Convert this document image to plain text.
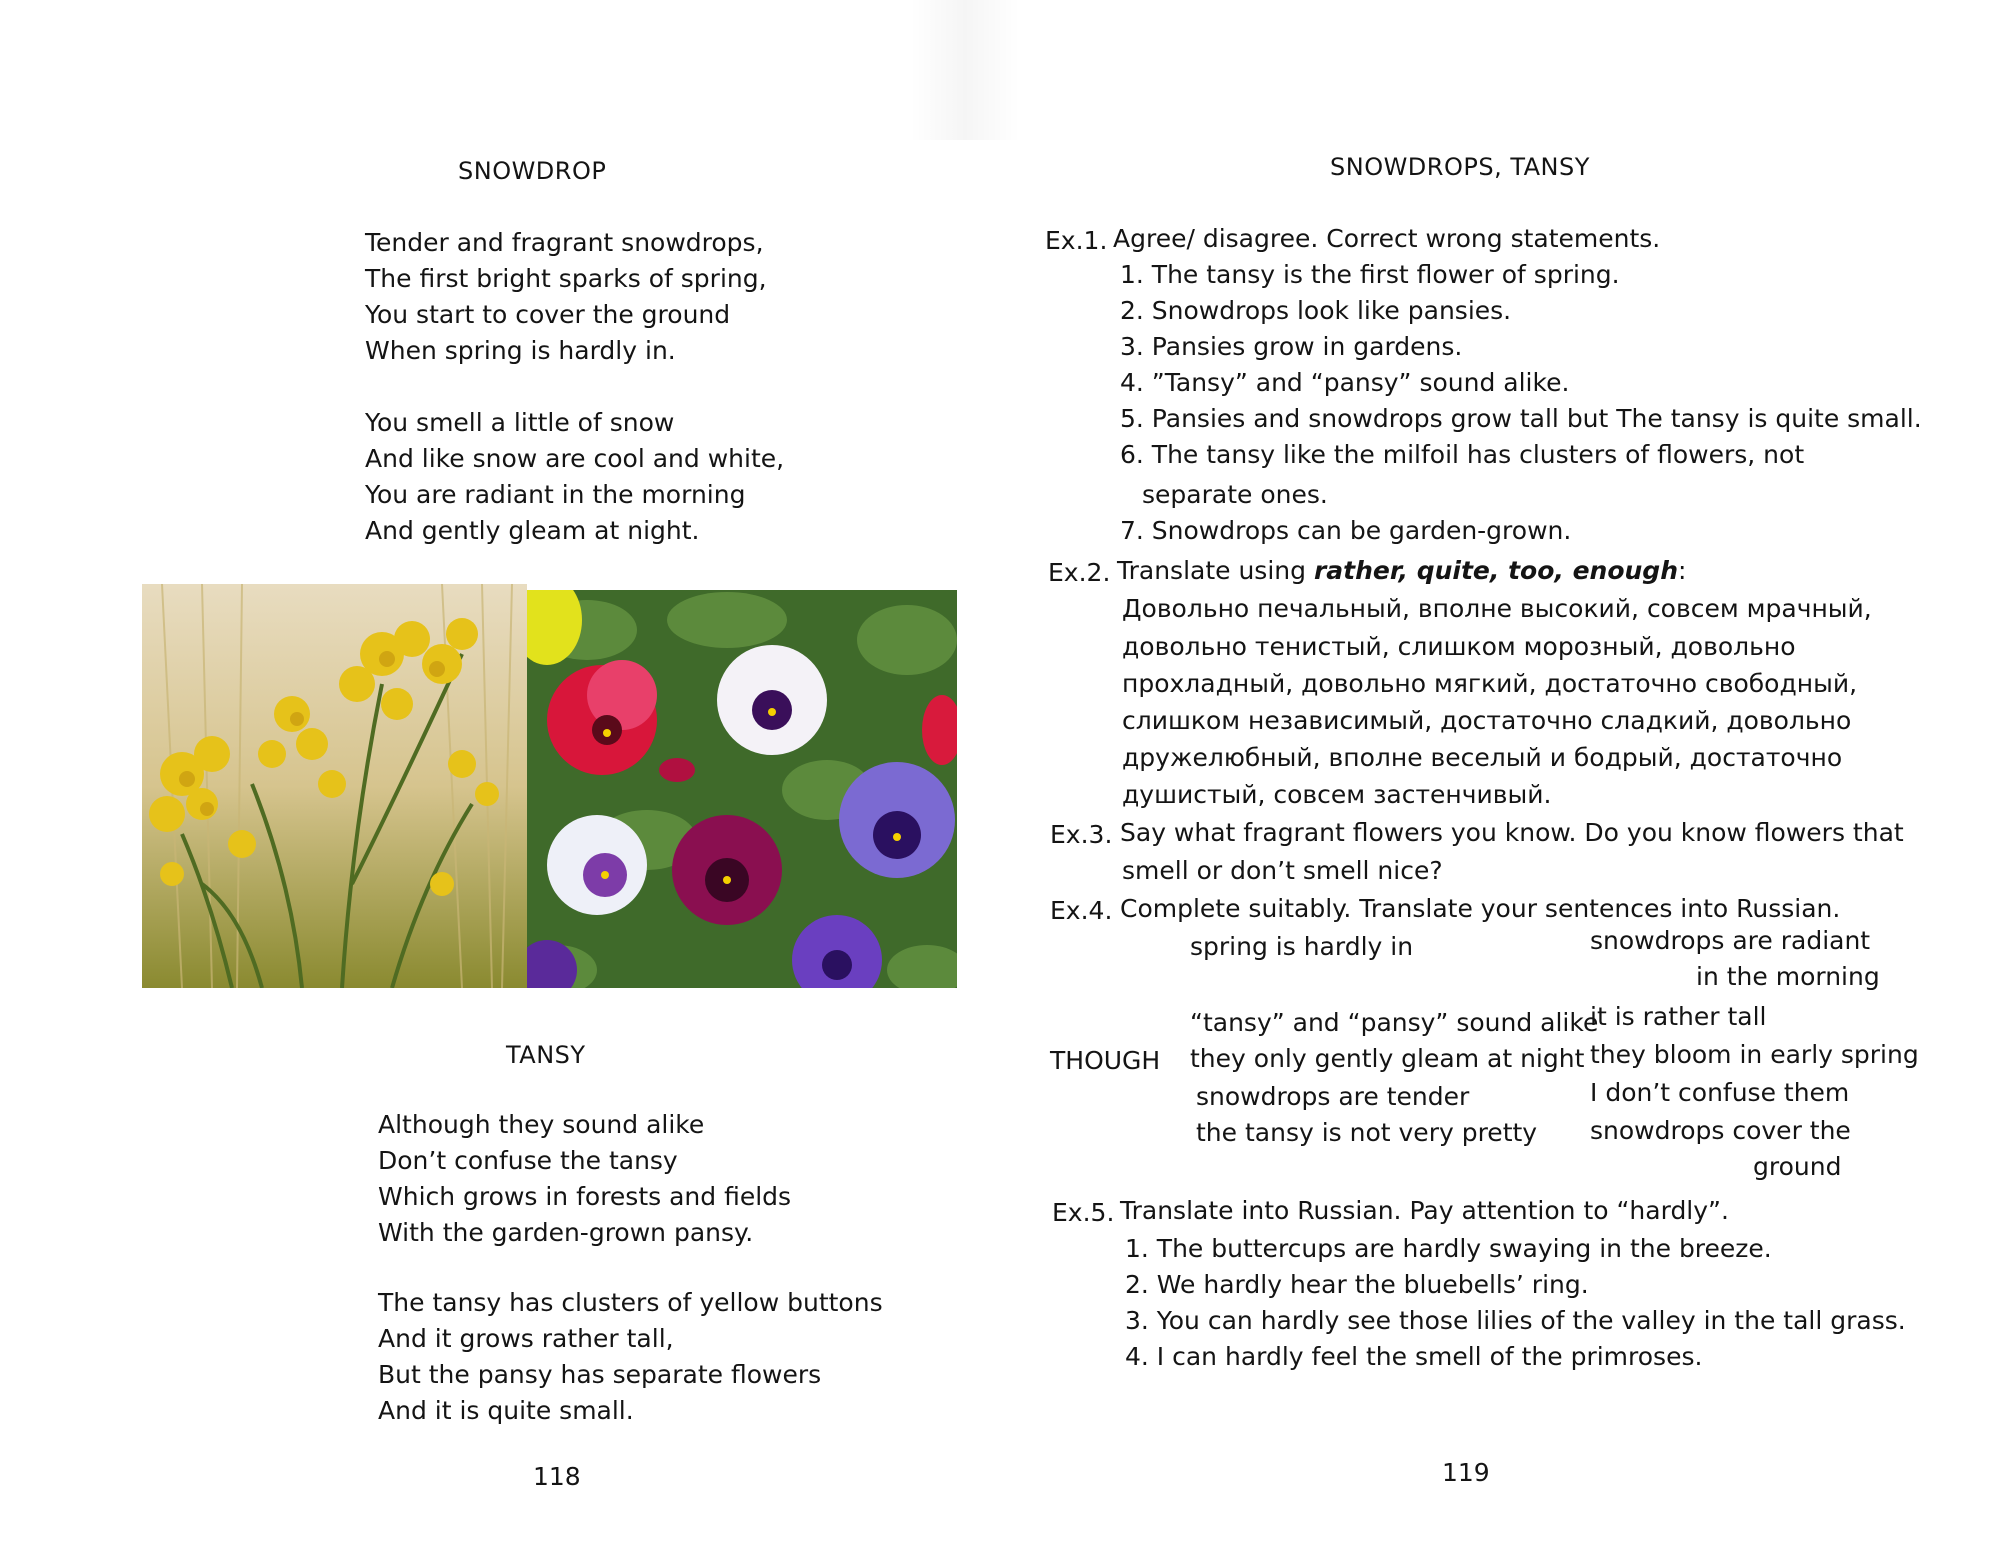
SNOWDROP
Tender and fragrant snowdrops,
The first bright sparks of spring,
You start to cover the ground
When spring is hardly in.
You smell a little of snow
And like snow are cool and white,
You are radiant in the morning
And gently gleam at night.
TANSY
Although they sound alike
Don’t confuse the tansy
Which grows in forests and fields
With the garden-grown pansy.
The tansy has clusters of yellow buttons
And it grows rather tall,
But the pansy has separate flowers
And it is quite small.
118
SNOWDROPS, TANSY
Ex.1. Agree/ disagree. Correct wrong statements.
1. The tansy is the first flower of spring.
2. Snowdrops look like pansies.
3. Pansies grow in gardens.
4. ”Tansy” and “pansy” sound alike.
5. Pansies and snowdrops grow tall but The tansy is quite small.
6. The tansy like the milfoil has clusters of flowers, not
separate ones.
7. Snowdrops can be garden-grown.
Ex.2. Translate using rather, quite, too, enough:
Довольно печальный, вполне высокий, совсем мрачный,
довольно тенистый, слишком морозный, довольно
прохладный, довольно мягкий, достаточно свободный,
слишком независимый, достаточно сладкий, довольно
дружелюбный, вполне веселый и бодрый, достаточно
душистый, совсем застенчивый.
Ex.3. Say what fragrant flowers you know. Do you know flowers that
smell or don’t smell nice?
Ex.4. Complete suitably. Translate your sentences into Russian.
THOUGH
spring is hardly in
“tansy” and “pansy” sound alike
they only gently gleam at night
snowdrops are tender
the tansy is not very pretty
snowdrops are radiant
in the morning
it is rather tall
they bloom in early spring
I don’t confuse them
snowdrops cover the
ground
Ex.5. Translate into Russian. Pay attention to “hardly”.
1. The buttercups are hardly swaying in the breeze.
2. We hardly hear the bluebells’ ring.
3. You can hardly see those lilies of the valley in the tall grass.
4. I can hardly feel the smell of the primroses.
119
